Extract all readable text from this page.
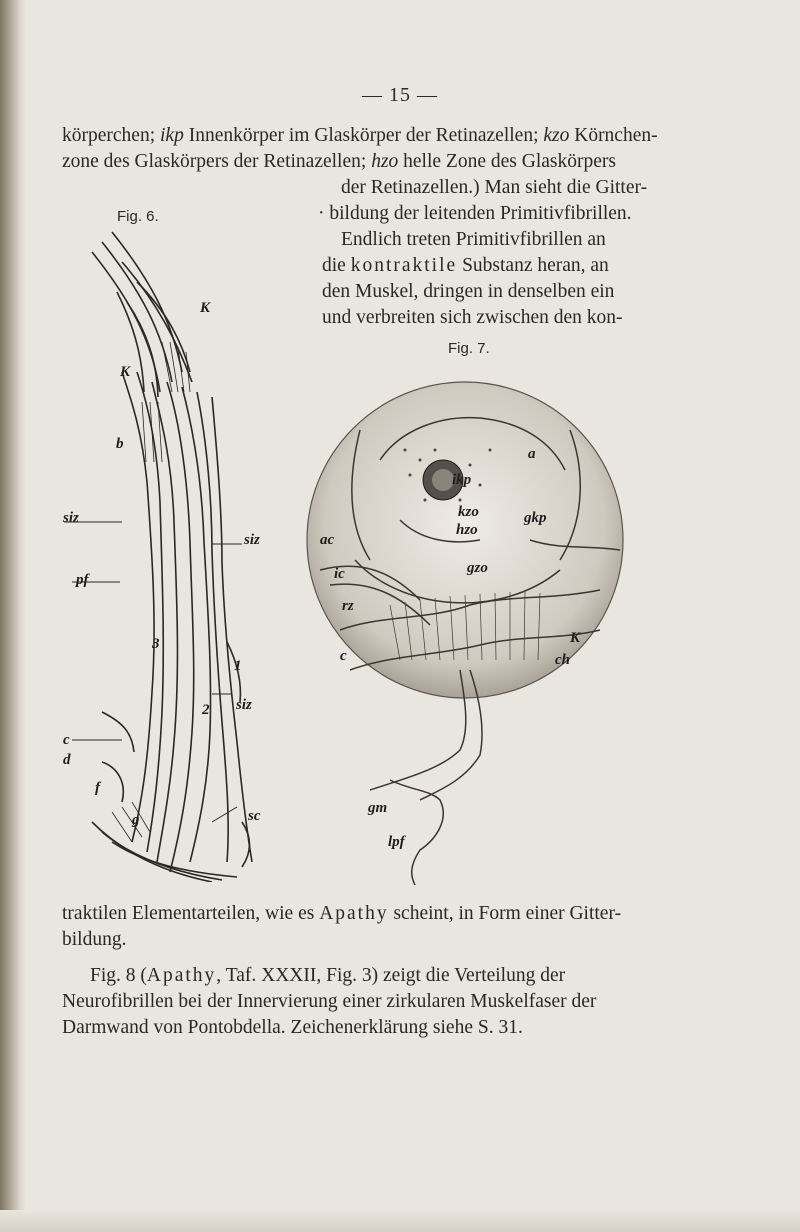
— 15 —
körperchen; ikp Innenkörper im Glaskörper der Retinazellen; kzo Körnchen-
zone des Glaskörpers der Retinazellen; hzo helle Zone des Glaskörpers
der Retinazellen.) Man sieht die Gitter-
· bildung der leitenden Primitivfibrillen.
Endlich treten Primitivfibrillen an
die kontraktile Substanz heran, an
den Muskel, dringen in denselben ein
und verbreiten sich zwischen den kon-
Fig. 6.
K
K
b
siz
siz
pf
3
2
1
siz
c
d
f
g	sc
Fig. 7.
a
ikp
kzo	gkp
hzo
ac
gzo
ic
rz
c
K
ch
gm
lpf
traktilen Elementarteilen, wie es Apathy scheint, in Form einer Gitter-
bildung.
Fig. 8 (Apathy, Taf. XXXII, Fig. 3) zeigt die Verteilung der
Neurofibrillen bei der Innervierung einer zirkularen Muskelfaser der
Darmwand von Pontobdella. Zeichenerklärung siehe S. 31.
